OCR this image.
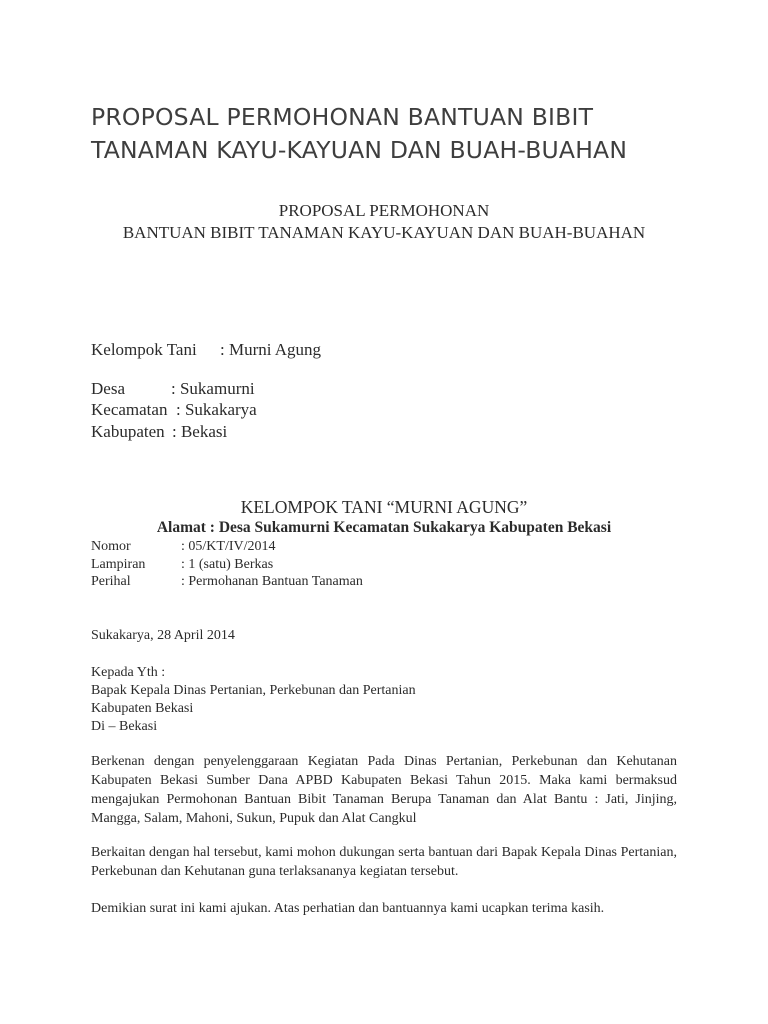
PROPOSAL PERMOHONAN BANTUAN BIBIT
TANAMAN KAYU-KAYUAN DAN BUAH-BUAHAN
PROPOSAL PERMOHONAN
BANTUAN BIBIT TANAMAN KAYU-KAYUAN DAN BUAH-BUAHAN
Kelompok Tani : Murni Agung
Desa	: Sukamurni
Kecamatan : Sukakarya
Kabupaten : Bekasi
KELOMPOK TANI “MURNI AGUNG”
Alamat : Desa Sukamurni Kecamatan Sukakarya Kabupaten Bekasi
Nomor	: 05/KT/IV/2014
Lampiran	: 1 (satu) Berkas
Perihal	: Permohanan Bantuan Tanaman
Sukakarya, 28 April 2014
Kepada Yth :
Bapak Kepala Dinas Pertanian, Perkebunan dan Pertanian
Kabupaten Bekasi
Di – Bekasi
Berkenan dengan penyelenggaraan Kegiatan Pada Dinas Pertanian, Perkebunan dan Kehutanan Kabupaten Bekasi Sumber Dana APBD Kabupaten Bekasi Tahun 2015. Maka kami bermaksud mengajukan Permohonan Bantuan Bibit Tanaman Berupa Tanaman dan Alat Bantu : Jati, Jinjing, Mangga, Salam, Mahoni, Sukun, Pupuk dan Alat Cangkul
Berkaitan dengan hal tersebut, kami mohon dukungan serta bantuan dari Bapak Kepala Dinas Pertanian, Perkebunan dan Kehutanan guna terlaksananya kegiatan tersebut.
Demikian surat ini kami ajukan. Atas perhatian dan bantuannya kami ucapkan terima kasih.
